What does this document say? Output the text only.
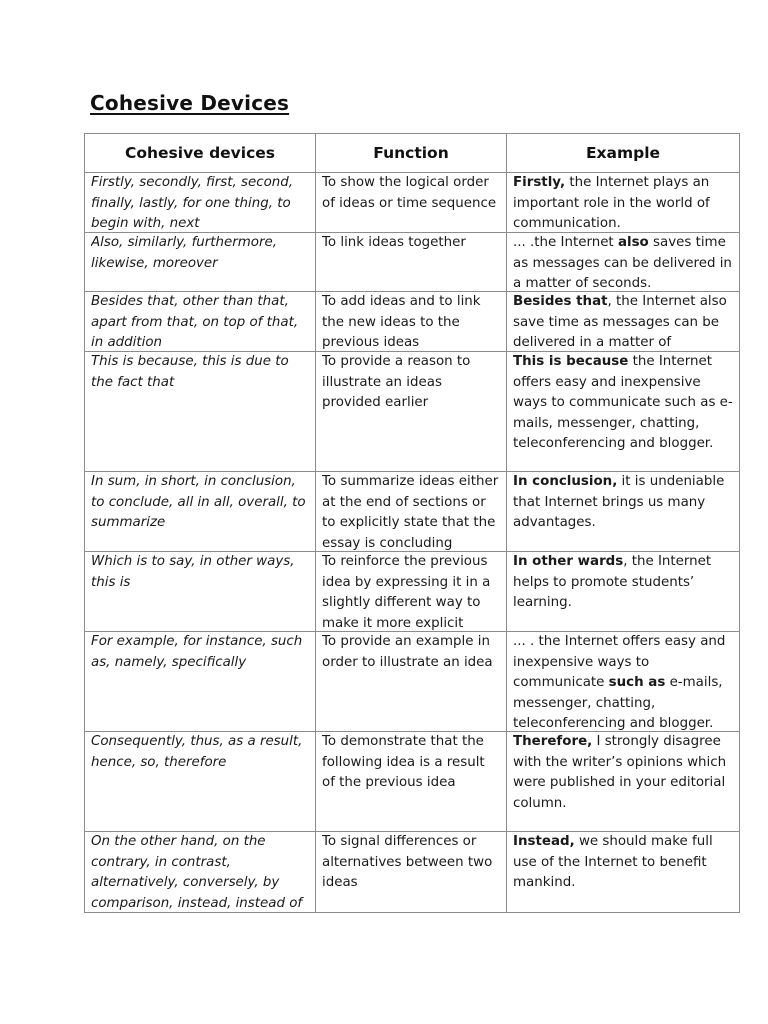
Cohesive Devices
Cohesive devices	Function	Example

Firstly, secondly, first, second, finally, lastly, for one thing, to begin with, next	To show the logical order of ideas or time sequence	Firstly, the Internet plays an important role in the world of communication.

Also, similarly, furthermore, likewise, moreover	To link ideas together	... .the Internet also saves time as messages can be delivered in a matter of seconds.

Besides that, other than that, apart from that, on top of that, in addition	To add ideas and to link the new ideas to the previous ideas	Besides that, the Internet also save time as messages can be delivered in a matter of

This is because, this is due to the fact that	To provide a reason to illustrate an ideas provided earlier	This is because the Internet offers easy and inexpensive ways to communicate such as e-mails, messenger, chatting, teleconferencing and blogger.

In sum, in short, in conclusion, to conclude, all in all, overall, to summarize	To summarize ideas either at the end of sections or to explicitly state that the essay is concluding	In conclusion, it is undeniable that Internet brings us many advantages.

Which is to say, in other ways, this is	To reinforce the previous idea by expressing it in a slightly different way to make it more explicit	In other wards, the Internet helps to promote students’ learning.

For example, for instance, such as, namely, specifically	To provide an example in order to illustrate an idea	... . the Internet offers easy and inexpensive ways to communicate such as e-mails, messenger, chatting, teleconferencing and blogger.

Consequently, thus, as a result, hence, so, therefore	To demonstrate that the following idea is a result of the previous idea	Therefore, I strongly disagree with the writer’s opinions which were published in your editorial column.

On the other hand, on the contrary, in contrast, alternatively, conversely, by comparison, instead, instead of	To signal differences or alternatives between two ideas	Instead, we should make full use of the Internet to benefit mankind.
